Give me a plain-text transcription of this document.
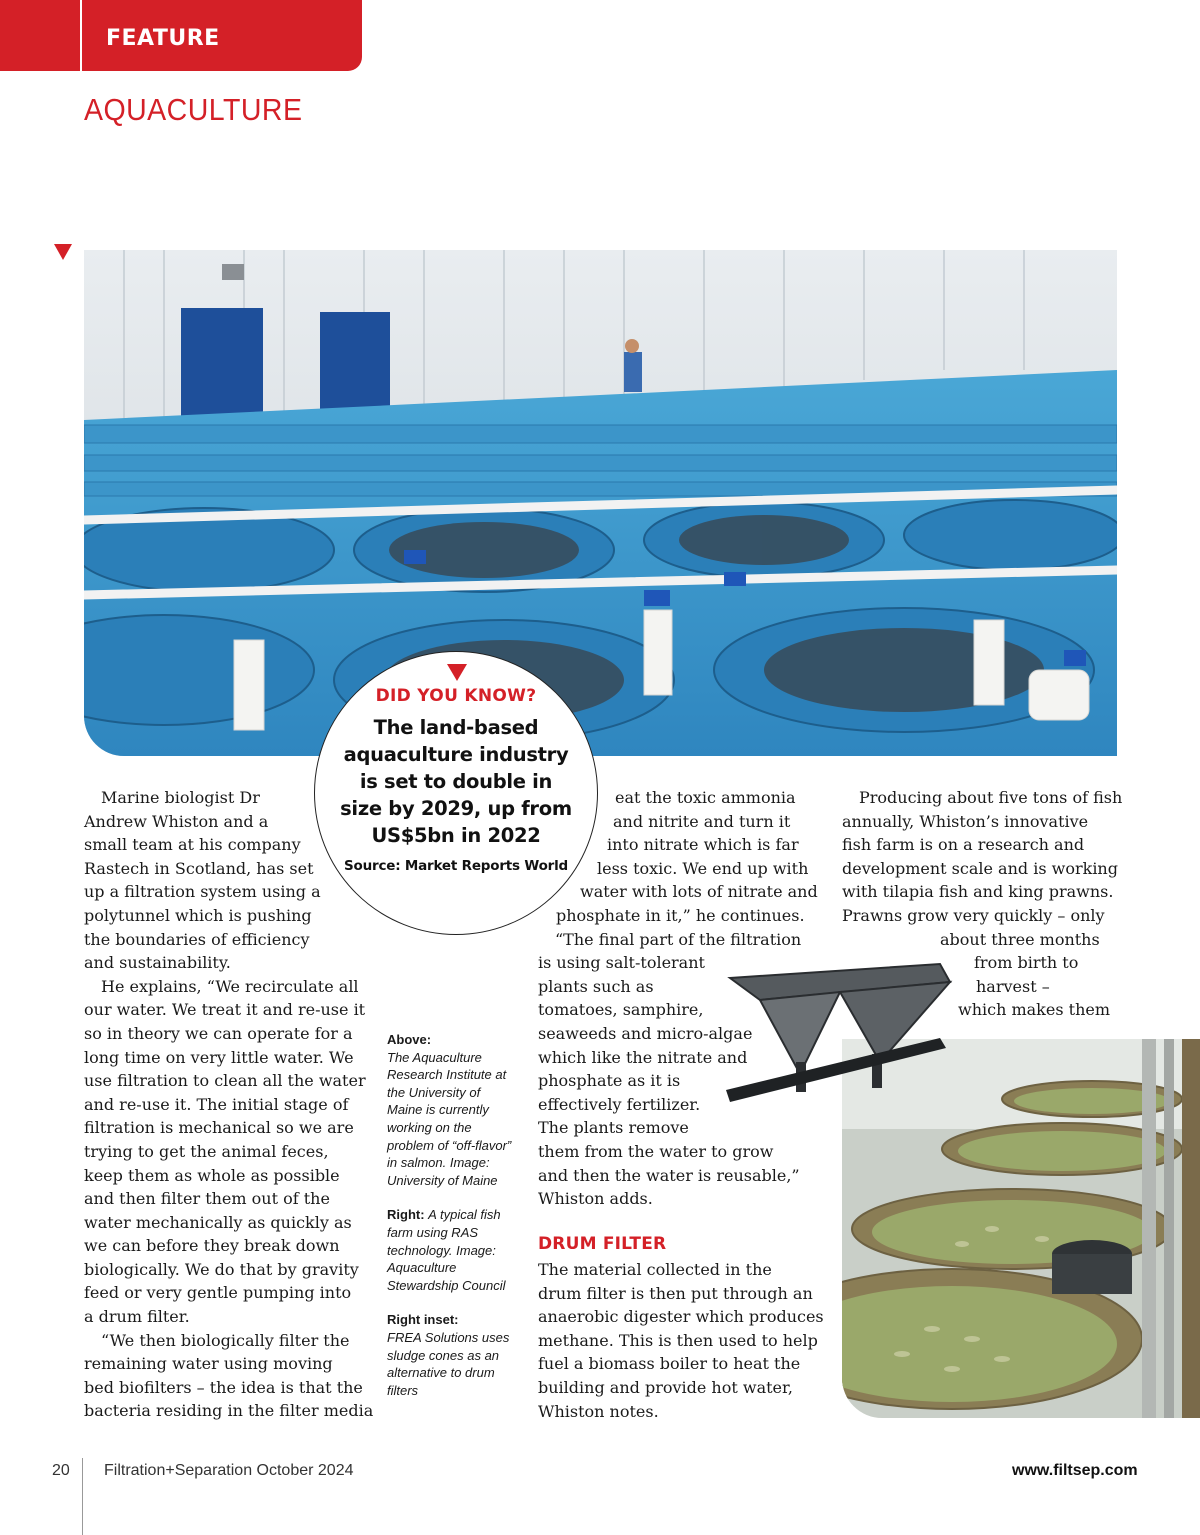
FEATURE
AQUACULTURE
DID YOU KNOW?
The land-based aquaculture industry is set to double in size by 2029, up from US$5bn in 2022
Source: Market Reports World
Marine biologist Dr
Andrew Whiston and a
small team at his company
Rastech in Scotland, has set
up a filtration system using a
polytunnel which is pushing
the boundaries of efficiency
and sustainability.
He explains, “We recirculate all
our water. We treat it and re-use it
so in theory we can operate for a
long time on very little water. We
use filtration to clean all the water
and re-use it. The initial stage of
filtration is mechanical so we are
trying to get the animal feces,
keep them as whole as possible
and then filter them out of the
water mechanically as quickly as
we can before they break down
biologically. We do that by gravity
feed or very gentle pumping into
a drum filter.
“We then biologically filter the
remaining water using moving
bed biofilters – the idea is that the
bacteria residing in the filter media
eat the toxic ammonia
and nitrite and turn it
into nitrate which is far
less toxic. We end up with
water with lots of nitrate and
phosphate in it,” he continues.
“The final part of the filtration
is using salt-tolerant
plants such as
tomatoes, samphire,
seaweeds and micro-algae
which like the nitrate and
phosphate as it is
effectively fertilizer.
The plants remove
them from the water to grow
and then the water is reusable,”
Whiston adds.
DRUM FILTER
The material collected in the
drum filter is then put through an
anaerobic digester which produces
methane. This is then used to help
fuel a biomass boiler to heat the
building and provide hot water,
Whiston notes.
Producing about five tons of fish
annually, Whiston’s innovative
fish farm is on a research and
development scale and is working
with tilapia fish and king prawns.
Prawns grow very quickly – only
about three months
from birth to
harvest –
which makes them
Above:
The Aquaculture Research Institute at the University of Maine is currently working on the problem of “off-flavor” in salmon. Image: University of Maine
Right: A typical fish farm using RAS technology. Image: Aquaculture Stewardship Council
Right inset:
FREA Solutions uses sludge cones as an alternative to drum filters
20 Filtration+Separation October 2024	www.filtsep.com
